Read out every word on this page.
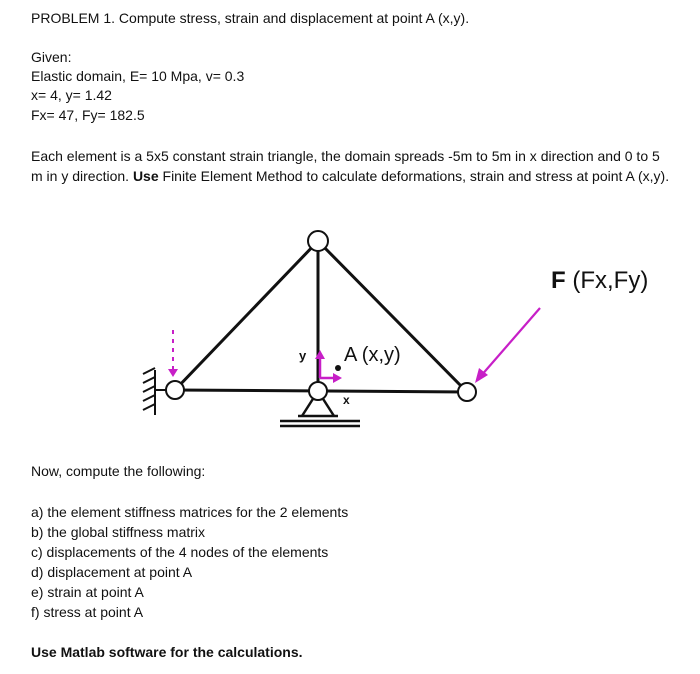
PROBLEM 1. Compute stress, strain and displacement at point A (x,y).
Given:
Elastic domain, E= 10 Mpa, v= 0.3
x= 4, y= 1.42
Fx= 47, Fy= 182.5
Each element is a 5x5 constant strain triangle, the domain spreads -5m to 5m in x direction and 0 to 5 m in y direction. Use Finite Element Method to calculate deformations, strain and stress at point A (x,y).
y
x
A (x,y)
F (Fx,Fy)
Now, compute the following:
a) the element stiffness matrices for the 2 elements
b) the global stiffness matrix
c) displacements of the 4 nodes of the elements
d) displacement at point A
e) strain at point A
f) stress at point A
Use Matlab software for the calculations.
